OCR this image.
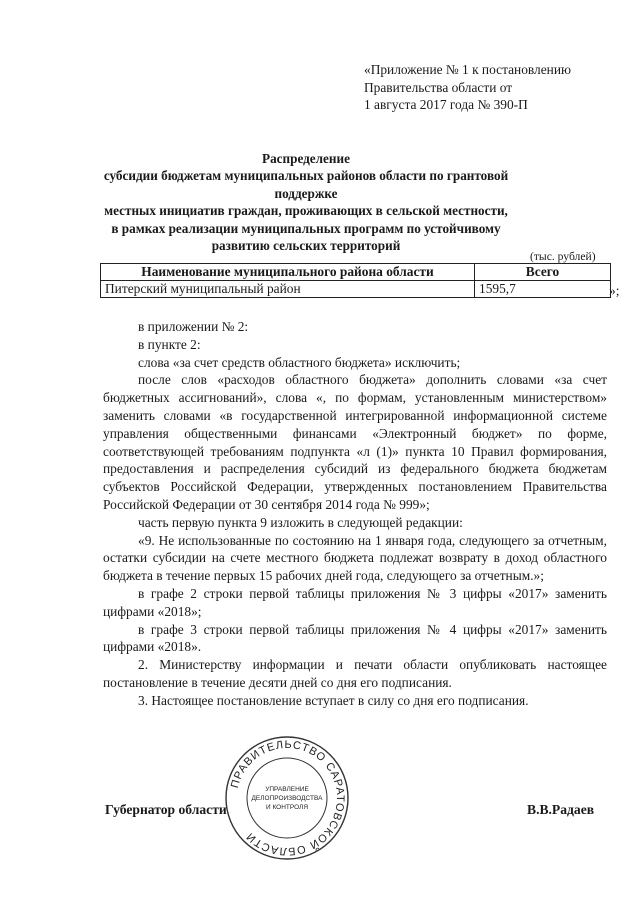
«Приложение № 1 к постановлению
Правительства области от
1 августа 2017 года № 390-П
Распределение
субсидии бюджетам муниципальных районов области по грантовой поддержке
местных инициатив граждан, проживающих в сельской местности,
в рамках реализации муниципальных программ по устойчивому
развитию сельских территорий
(тыс. рублей)
Наименование муниципального района области	Всего
Питерский муниципальный район	1595,7	»;

в приложении № 2:

в пункте 2:

слова «за счет средств областного бюджета» исключить;

после слов «расходов областного бюджета» дополнить словами «за счет бюджетных ассигнований», слова «, по формам, установленным министерством» заменить словами «в государственной интегрированной информационной системе управления общественными финансами «Электронный бюджет» по форме, соответствующей требованиям подпункта «л (1)» пункта 10 Правил формирования, предоставления и распределения субсидий из федерального бюджета бюджетам субъектов Российской Федерации, утвержденных постановлением Правительства Российской Федерации от 30 сентября 2014 года № 999»;

часть первую пункта 9 изложить в следующей редакции:

«9. Не использованные по состоянию на 1 января года, следующего за отчетным, остатки субсидии на счете местного бюджета подлежат возврату в доход областного бюджета в течение первых 15 рабочих дней года, следующего за отчетным.»;

в графе 2 строки первой таблицы приложения № 3 цифры «2017» заменить цифрами «2018»;

в графе 3 строки первой таблицы приложения № 4 цифры «2017» заменить цифрами «2018».

2. Министерству информации и печати области опубликовать настоящее постановление в течение десяти дней со дня его подписания.

3. Настоящее постановление вступает в силу со дня его подписания.

Губернатор области	В.В.Радаев
ПРАВИТЕЛЬСТВО САРАТОВСКОЙ ОБЛАСТИ
УПРАВЛЕНИЕ
ДЕЛОПРОИЗВОДСТВА
И КОНТРОЛЯ
